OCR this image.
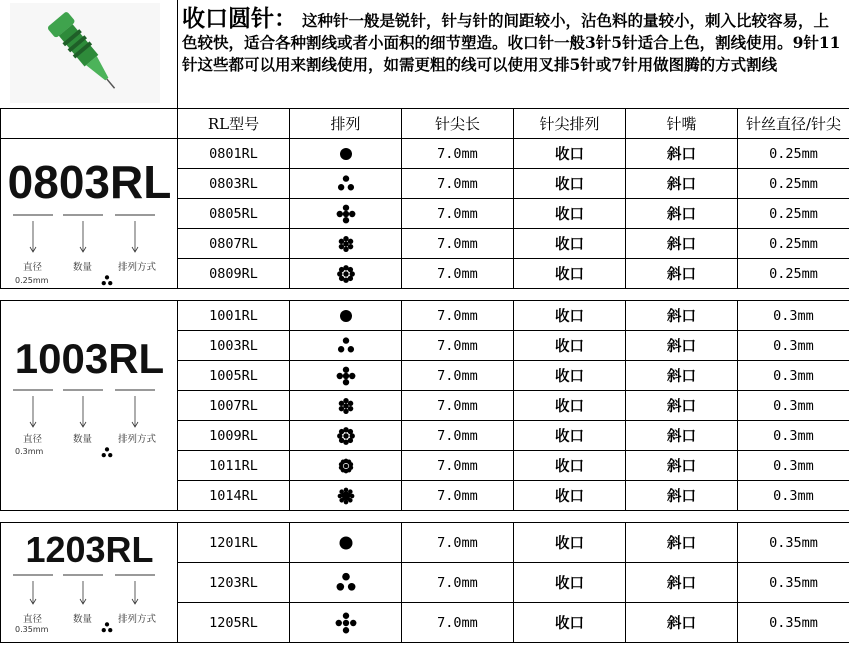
收口圆针： 这种针一般是锐针，针与针的间距较小，沾色料的量较小，刺入比较容易，上色较快，适合各种割线或者小面积的细节塑造。收口针一般3针5针适合上色，割线使用。9针11针这些都可以用来割线使用，如需更粗的线可以使用叉排5针或7针用做图腾的方式割线
	RL型号	排列	针尖长	针尖排列	针嘴	针丝直径/针尖

0803RL
直径 数量 排列方式
0.25mm	0801RL		7.0mm	收口	斜口	0.25mm
	0803RL		7.0mm	收口	斜口	0.25mm
	0805RL		7.0mm	收口	斜口	0.25mm
	0807RL		7.0mm	收口	斜口	0.25mm
	0809RL		7.0mm	收口	斜口	0.25mm

1003RL
直径 数量 排列方式
0.3mm	1001RL		7.0mm	收口	斜口	0.3mm
	1003RL		7.0mm	收口	斜口	0.3mm
	1005RL		7.0mm	收口	斜口	0.3mm
	1007RL		7.0mm	收口	斜口	0.3mm
	1009RL		7.0mm	收口	斜口	0.3mm
	1011RL		7.0mm	收口	斜口	0.3mm
	1014RL		7.0mm	收口	斜口	0.3mm

1203RL
直径 数量 排列方式
0.35mm	1201RL		7.0mm	收口	斜口	0.35mm
	1203RL		7.0mm	收口	斜口	0.35mm
	1205RL		7.0mm	收口	斜口	0.35mm
